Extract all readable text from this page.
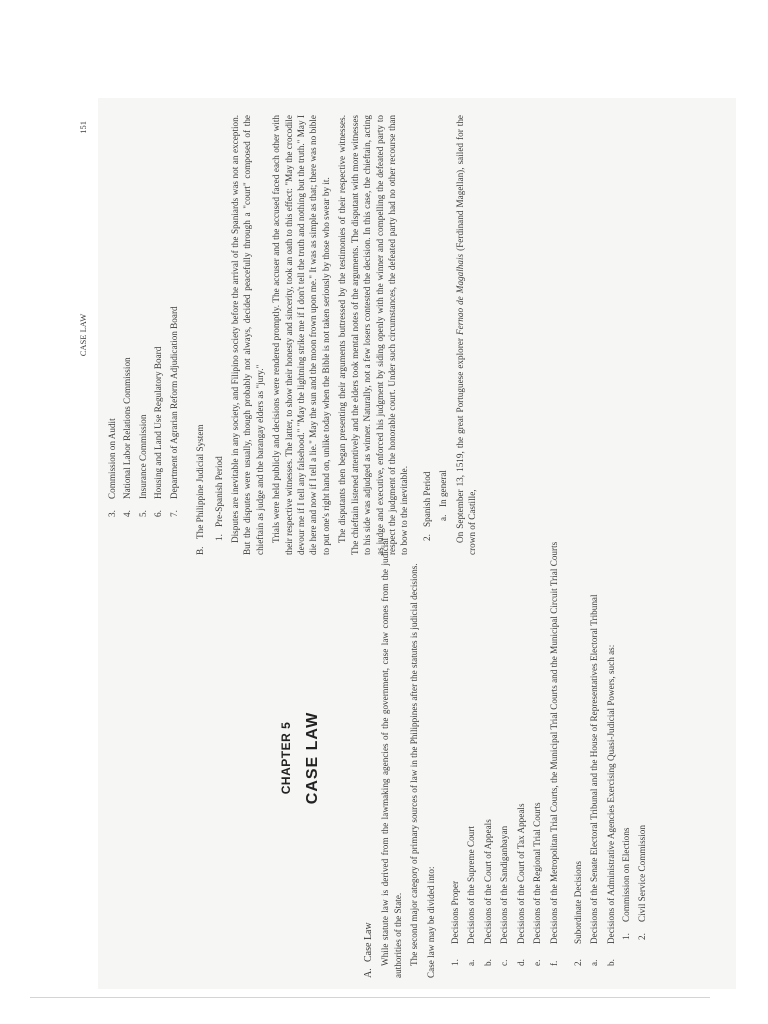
CHAPTER 5 CASE LAW
A.Case Law While statute law is derived from the lawmaking agencies of the government, case law comes from the judicial authorities of the State. The second major category of primary sources of law in the Philippines after the statutes is judicial decisions. Case law may be divided into: 1.
Decisions Proper
a.
Decisions of the Supreme Court
b.
Decisions of the Court of Appeals
c.
Decisions of the Sandiganbayan
d.
Decisions of the Court of Tax Appeals
e.
Decisions of the Regional Trial Courts
f.
Decisions of the Metropolitan Trial Courts, the Municipal Trial Courts and the Municipal Circuit Trial Courts
2.
Subordinate Decisions
a.
Decisions of the Senate Electoral Tribunal and the House of Representatives Electoral Tribunal
b.
Decisions of Administrative Agencies Exercising Quasi-Judicial Powers, such as: 1.
Commission on Elections
2.
Civil Service Commission
CASE LAW
151
3.
Commission on Audit
4.
National Labor Relations Commission
5.
Insurance Commission
6.
Housing and Land Use Regulatory Board
7.
Department of Agrarian Reform Adjudication Board
B.The Philippine Judicial System 1.Pre-Spanish Period Disputes are inevitable in any society, and Filipino society before the arrival of the Spaniards was not an exception. But the disputes were usually, though probably not always, decided peacefully through a "court" composed of the chieftain as judge and the barangay elders as "jury." Trials were held publicly and decisions were rendered promptly. The accuser and the accused faced each other with their respective witnesses. The latter, to show their honesty and sincerity, took an oath to this effect: "May the crocodile devour me if I tell any falsehood." "May the lightning strike me if I don't tell the truth and nothing but the truth." May I die here and now if I tell a lie." May the sun and the moon frown upon me." It was as simple as that; there was no bible to put one's right hand on, unlike today when the Bible is not taken seriously by those who swear by it. The disputants then began presenting their arguments buttressed by the testimonies of their respective witnesses. The chieftain listened attentively and the elders took mental notes of the arguments. The disputant with more witnesses to his side was adjudged as winner. Naturally, not a few losers contested the decision. In this case, the chieftain, acting as judge and executive, enforced his judgment by siding openly with the winner and compelling the defeated party to respect the judgment of the honorable court. Under such circumstances, the defeated party had no other recourse than to bow to the inevitable. 2.Spanish Period a.In general On September 13, 1519, the great Portuguese explorer Fernao de Magalhais (Ferdinand Magellan), sailed for the crown of Castille,
